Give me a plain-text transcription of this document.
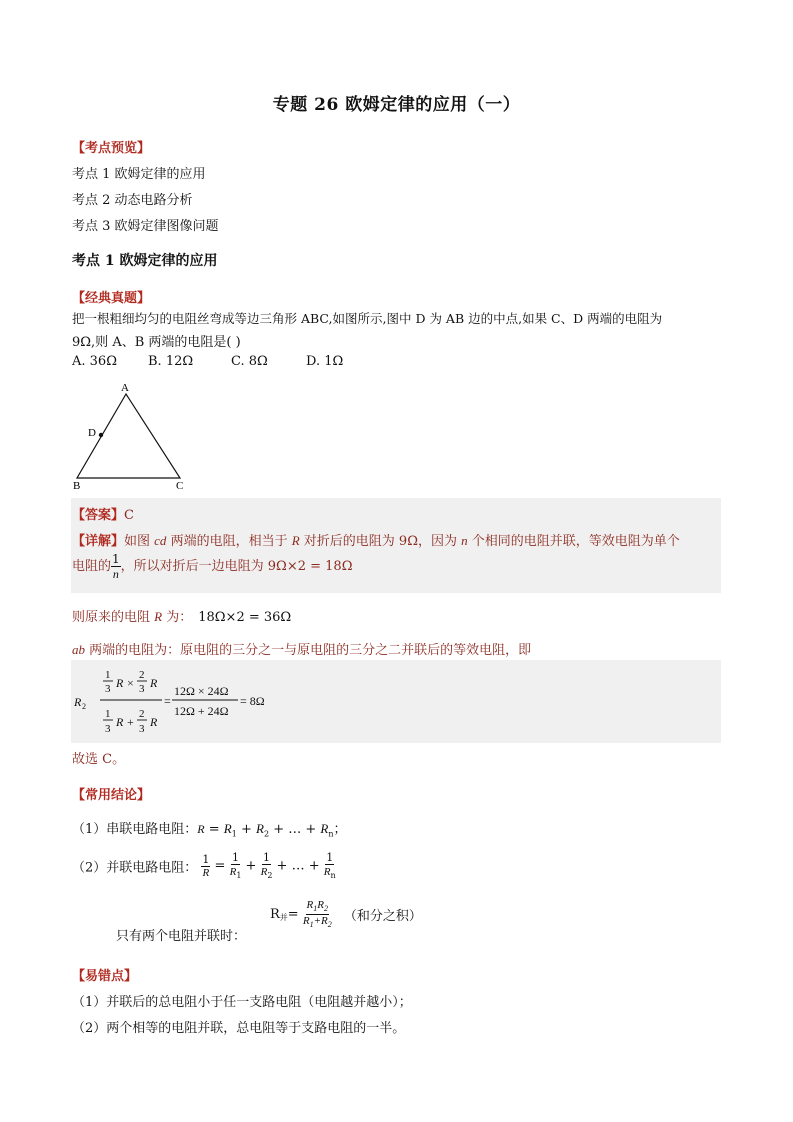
专题 26 欧姆定律的应用（一）
【考点预览】
考点 1 欧姆定律的应用
考点 2 动态电路分析
考点 3 欧姆定律图像问题
考点 1 欧姆定律的应用
【经典真题】
把一根粗细均匀的电阻丝弯成等边三角形 ABC,如图所示,图中 D 为 AB 边的中点,如果 C、D 两端的电阻为
9Ω,则 A、B 两端的电阻是( )
A. 36Ω B. 12Ω	C. 8Ω	D. 1Ω
A
D
B	C
【答案】C
【详解】如图 cd 两端的电阻，相当于 R 对折后的电阻为 9Ω，因为 n 个相同的电阻并联，等效电阻为单个
电阻的 $\frac{1}{n}$ ，所以对折后一边电阻为 9Ω×2 = 18Ω
则原来的电阻 R 为： 18Ω×2 = 36Ω
ab 两端的电阻为：原电阻的三分之一与原电阻的三分之二并联后的等效电阻，即
R 2
1
3 R ×
2
3 R
1
3 R +
2
3 R
=
12Ω × 24Ω
12Ω + 24Ω
= 8Ω
故选 C。
【常用结论】
（1）串联电路电阻：$R = R_1 + R_2$ + … + $R_n$；
（2）并联电路电阻： $\frac{1}{R} = \frac{1}{R_1} + \frac{1}{R_2}$ + … + $\frac{1}{R_n}$
$R_并= \frac{R_1R_2}{R_1+R_2}$ （和分之积）
只有两个电阻并联时：
【易错点】
（1）并联后的总电阻小于任一支路电阻（电阻越并越小）；
（2）两个相等的电阻并联，总电阻等于支路电阻的一半。
